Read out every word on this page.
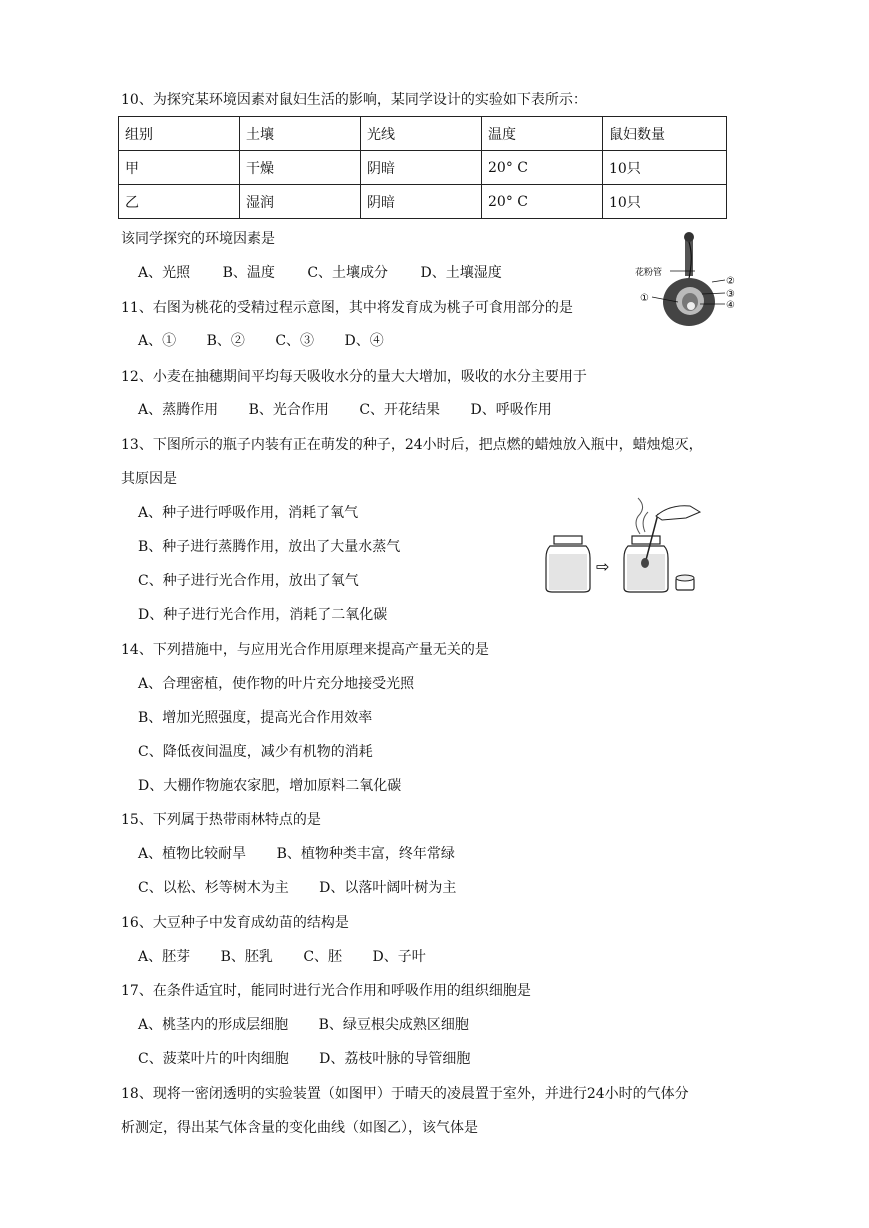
10、为探究某环境因素对鼠妇生活的影响，某同学设计的实验如下表所示：
组别	土壤	光线	温度	鼠妇数量
甲	干燥	阴暗	20° C	10只
乙	湿润	阴暗	20° C	10只
该同学探究的环境因素是
A、光照 B、温度 C、土壤成分 D、土壤湿度	花粉管
②
③
④
①
11、右图为桃花的受精过程示意图，其中将发育成为桃子可食用部分的是
A、① B、② C、③ D、④
12、小麦在抽穗期间平均每天吸收水分的量大大增加，吸收的水分主要用于
A、蒸腾作用 B、光合作用 C、开花结果 D、呼吸作用
13、下图所示的瓶子内装有正在萌发的种子，24小时后，把点燃的蜡烛放入瓶中，蜡烛熄灭，
其原因是
A、种子进行呼吸作用，消耗了氧气
B、种子进行蒸腾作用，放出了大量水蒸气
C、种子进行光合作用，放出了氧气
D、种子进行光合作用，消耗了二氧化碳
⇨
14、下列措施中，与应用光合作用原理来提高产量无关的是
A、合理密植，使作物的叶片充分地接受光照
B、增加光照强度，提高光合作用效率
C、降低夜间温度，减少有机物的消耗
D、大棚作物施农家肥，增加原料二氧化碳
15、下列属于热带雨林特点的是
A、植物比较耐旱 B、植物种类丰富，终年常绿
C、以松、杉等树木为主 D、以落叶阔叶树为主
16、大豆种子中发育成幼苗的结构是
A、胚芽 B、胚乳 C、胚 D、子叶
17、在条件适宜时，能同时进行光合作用和呼吸作用的组织细胞是
A、桃茎内的形成层细胞 B、绿豆根尖成熟区细胞
C、菠菜叶片的叶肉细胞 D、荔枝叶脉的导管细胞
18、现将一密闭透明的实验装置（如图甲）于晴天的凌晨置于室外，并进行24小时的气体分
析测定，得出某气体含量的变化曲线（如图乙），该气体是
